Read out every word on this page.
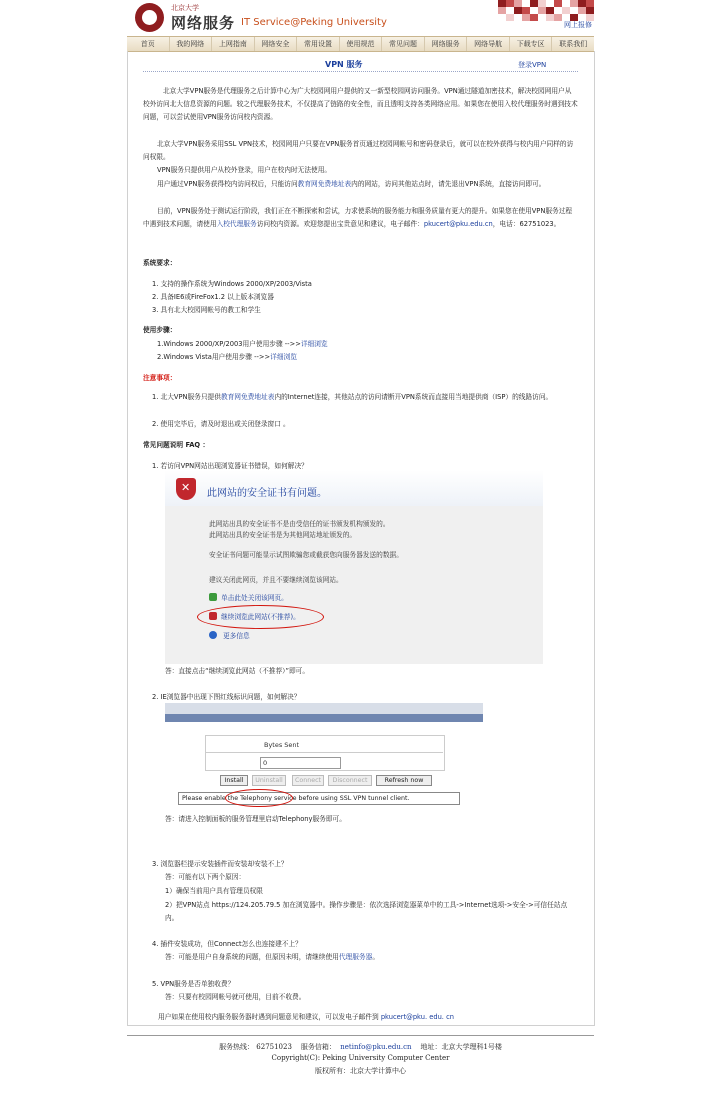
北京大学
网络服务 IT Service@Peking University	网上报修
首页	我的网络	上网指南	网络安全	常用设置	使用规范	常见问题	网络服务	网络导航	下载专区	联系我们
VPN 服务	登录VPN
北京大学VPN服务是代理服务之后计算中心为广大校园网用户提供的又一新型校园网访问服务。VPN通过隧道加密技术，解决校园网用户从校外访问北大信息资源的问题。较之代理服务技术，不仅提高了链路的安全性，而且透明支持各类网络应用。如果您在使用入校代理服务时遇到技术问题，可以尝试使用VPN服务访问校内资源。
北京大学VPN服务采用SSL VPN技术，校园网用户只要在VPN服务首页通过校园网帐号和密码登录后，就可以在校外获得与校内用户同样的访问权限。
VPN服务只提供用户从校外登录，用户在校内时无法使用。
用户通过VPN服务获得校内访问权后，只能访问教育网免费地址表内的网站，访问其他站点时，请先退出VPN系统，直接访问即可。
目前，VPN服务处于测试运行阶段，我们正在不断探索和尝试，力求使系统的服务能力和服务质量有更大的提升。如果您在使用VPN服务过程中遇到技术问题，请使用入校代理服务访问校内资源。欢迎您提出宝贵意见和建议，电子邮件：pkucert@pku.edu.cn，电话：62751023。
系统要求：
1. 支持的操作系统为Windows 2000/XP/2003/Vista
2. 具备IE6或FireFox1.2 以上版本浏览器
3. 具有北大校园网帐号的教工和学生
使用步骤：
1.Windows 2000/XP/2003用户使用步骤 -->>详细浏览
2.Windows Vista用户使用步骤 -->>详细浏览
注意事项：
1. 北大VPN服务只提供教育网免费地址表内的Internet连接，其他站点的访问请断开VPN系统而直接用当地提供商（ISP）的线路访问。
2. 使用完毕后，请及时退出或关闭登录窗口 。
常见问题说明 FAQ ：
1. 若访问VPN网站出现浏览器证书错误，如何解决？
✕
此网站的安全证书有问题。
此网站出具的安全证书不是由受信任的证书颁发机构颁发的。
此网站出具的安全证书是为其他网站地址颁发的。
安全证书问题可能显示试图欺骗您或截获您向服务器发送的数据。
建议关闭此网页，并且不要继续浏览该网站。
单击此处关闭该网页。
继续浏览此网站(不推荐)。
更多信息
答：直接点击“继续浏览此网站（不推荐）”即可。
2. IE浏览器中出现下图红线标识问题，如何解决？
Bytes Sent
0
Install	Uninstall	Connect	Disconnect	Refresh now
Please enable the Telephony service before using SSL VPN tunnel client.
答：请进入控制面板的服务管理里启动Telephony服务即可。
3. 浏览器栏提示安装插件而安装却安装不上？
答：可能有以下两个原因：
1）确保当前用户具有管理员权限
2）把VPN站点 https://124.205.79.5 加在浏览器中。操作步骤是：依次选择浏览器菜单中的工具->Internet选项->安全->可信任站点内。
4. 插件安装成功，但Connect怎么也连接建不上？
答：可能是用户自身系统的问题，但原因未明，请继续使用代理服务器。
5. VPN服务是否单独收费？
答：只要有校园网帐号就可使用，目前不收费。
用户如果在使用校内服务服务器时遇到问题意见和建议，可以发电子邮件到 pkucert@pku. edu. cn
服务热线： 62751023 服务信箱： netinfo@pku.edu.cn 地址：北京大学理科1号楼
Copyright(C): Peking University Computer Center
版权所有：北京大学计算中心
